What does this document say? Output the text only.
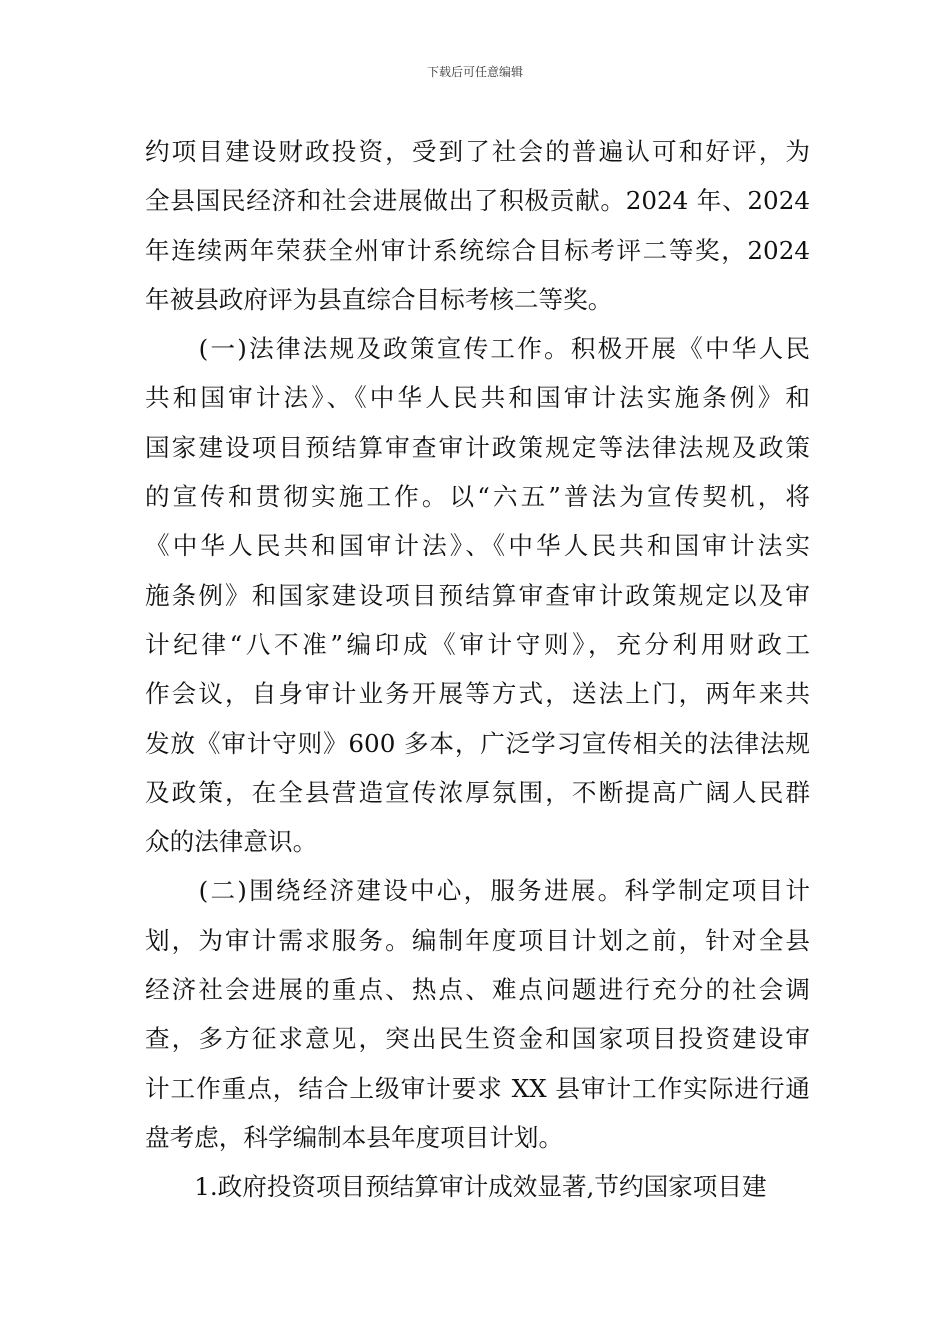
下载后可任意编辑
约项目建设财政投资，受到了社会的普遍认可和好评，为
全县国民经济和社会进展做出了积极贡献。2024 年、2024
年连续两年荣获全州审计系统综合目标考评二等奖，2024
年被县政府评为县直综合目标考核二等奖。
　　(一)法律法规及政策宣传工作。积极开展《中华人民
共和国审计法》、《中华人民共和国审计法实施条例》和
国家建设项目预结算审查审计政策规定等法律法规及政策
的宣传和贯彻实施工作。以“六五”普法为宣传契机，将
《中华人民共和国审计法》、《中华人民共和国审计法实
施条例》和国家建设项目预结算审查审计政策规定以及审
计纪律“八不准”编印成《审计守则》，充分利用财政工
作会议，自身审计业务开展等方式，送法上门，两年来共
发放《审计守则》600 多本，广泛学习宣传相关的法律法规
及政策，在全县营造宣传浓厚氛围，不断提高广阔人民群
众的法律意识。
　　(二)围绕经济建设中心，服务进展。科学制定项目计
划，为审计需求服务。编制年度项目计划之前，针对全县
经济社会进展的重点、热点、难点问题进行充分的社会调
查，多方征求意见，突出民生资金和国家项目投资建设审
计工作重点，结合上级审计要求 XX 县审计工作实际进行通
盘考虑，科学编制本县年度项目计划。
　　1.政府投资项目预结算审计成效显著,节约国家项目建
